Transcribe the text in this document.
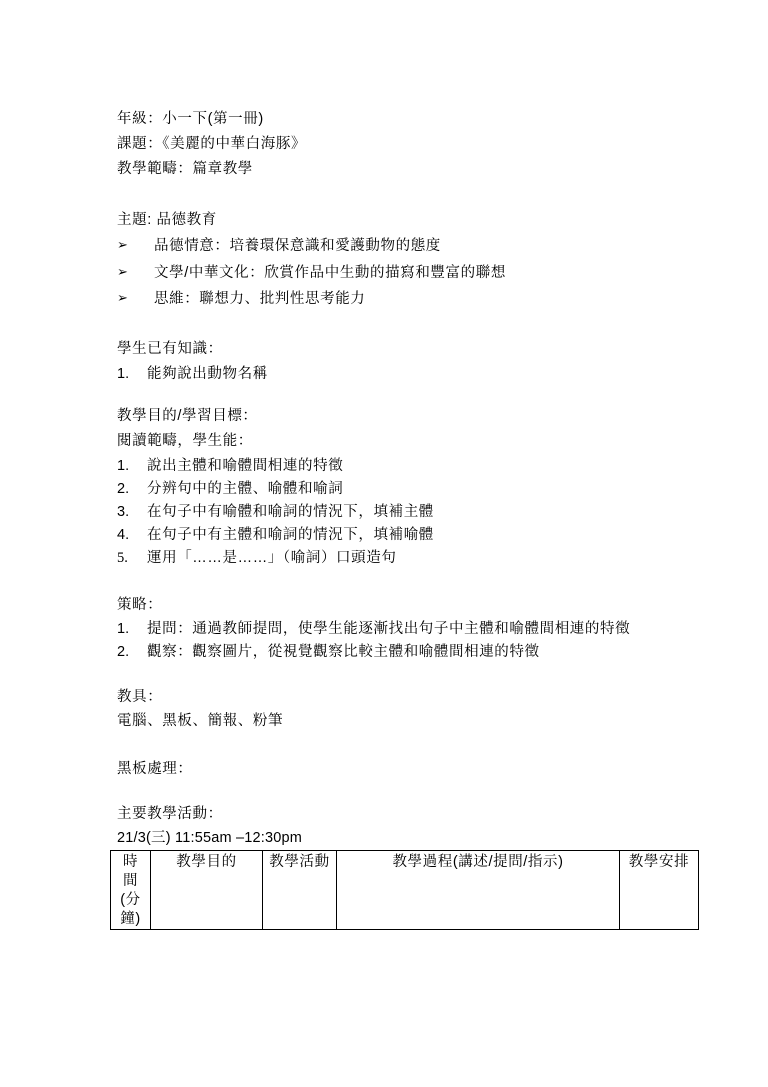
年級：小一下(第一冊)
課題：《美麗的中華白海豚》
教學範疇：篇章教學
主題: 品德教育
➢ 品德情意：培養環保意識和愛護動物的態度
➢ 文學/中華文化：欣賞作品中生動的描寫和豐富的聯想
➢ 思維：聯想力、批判性思考能力
學生已有知識：
1. 能夠說出動物名稱
教學目的/學習目標：
閱讀範疇，學生能：
1. 說出主體和喻體間相連的特徵
2. 分辨句中的主體、喻體和喻詞
3. 在句子中有喻體和喻詞的情況下，填補主體
4. 在句子中有主體和喻詞的情況下，填補喻體
5. 運用「……是……」（喻詞）口頭造句
策略：
1. 提問：通過教師提問，使學生能逐漸找出句子中主體和喻體間相連的特徵
2. 觀察：觀察圖片，從視覺觀察比較主體和喻體間相連的特徵
教具：
電腦、黑板、簡報、粉筆
黑板處理：
主要教學活動：
21/3(三) 11:55am –12:30pm
時間(分鐘)	教學目的	教學活動	教學過程(講述/提問/指示)	教學安排
